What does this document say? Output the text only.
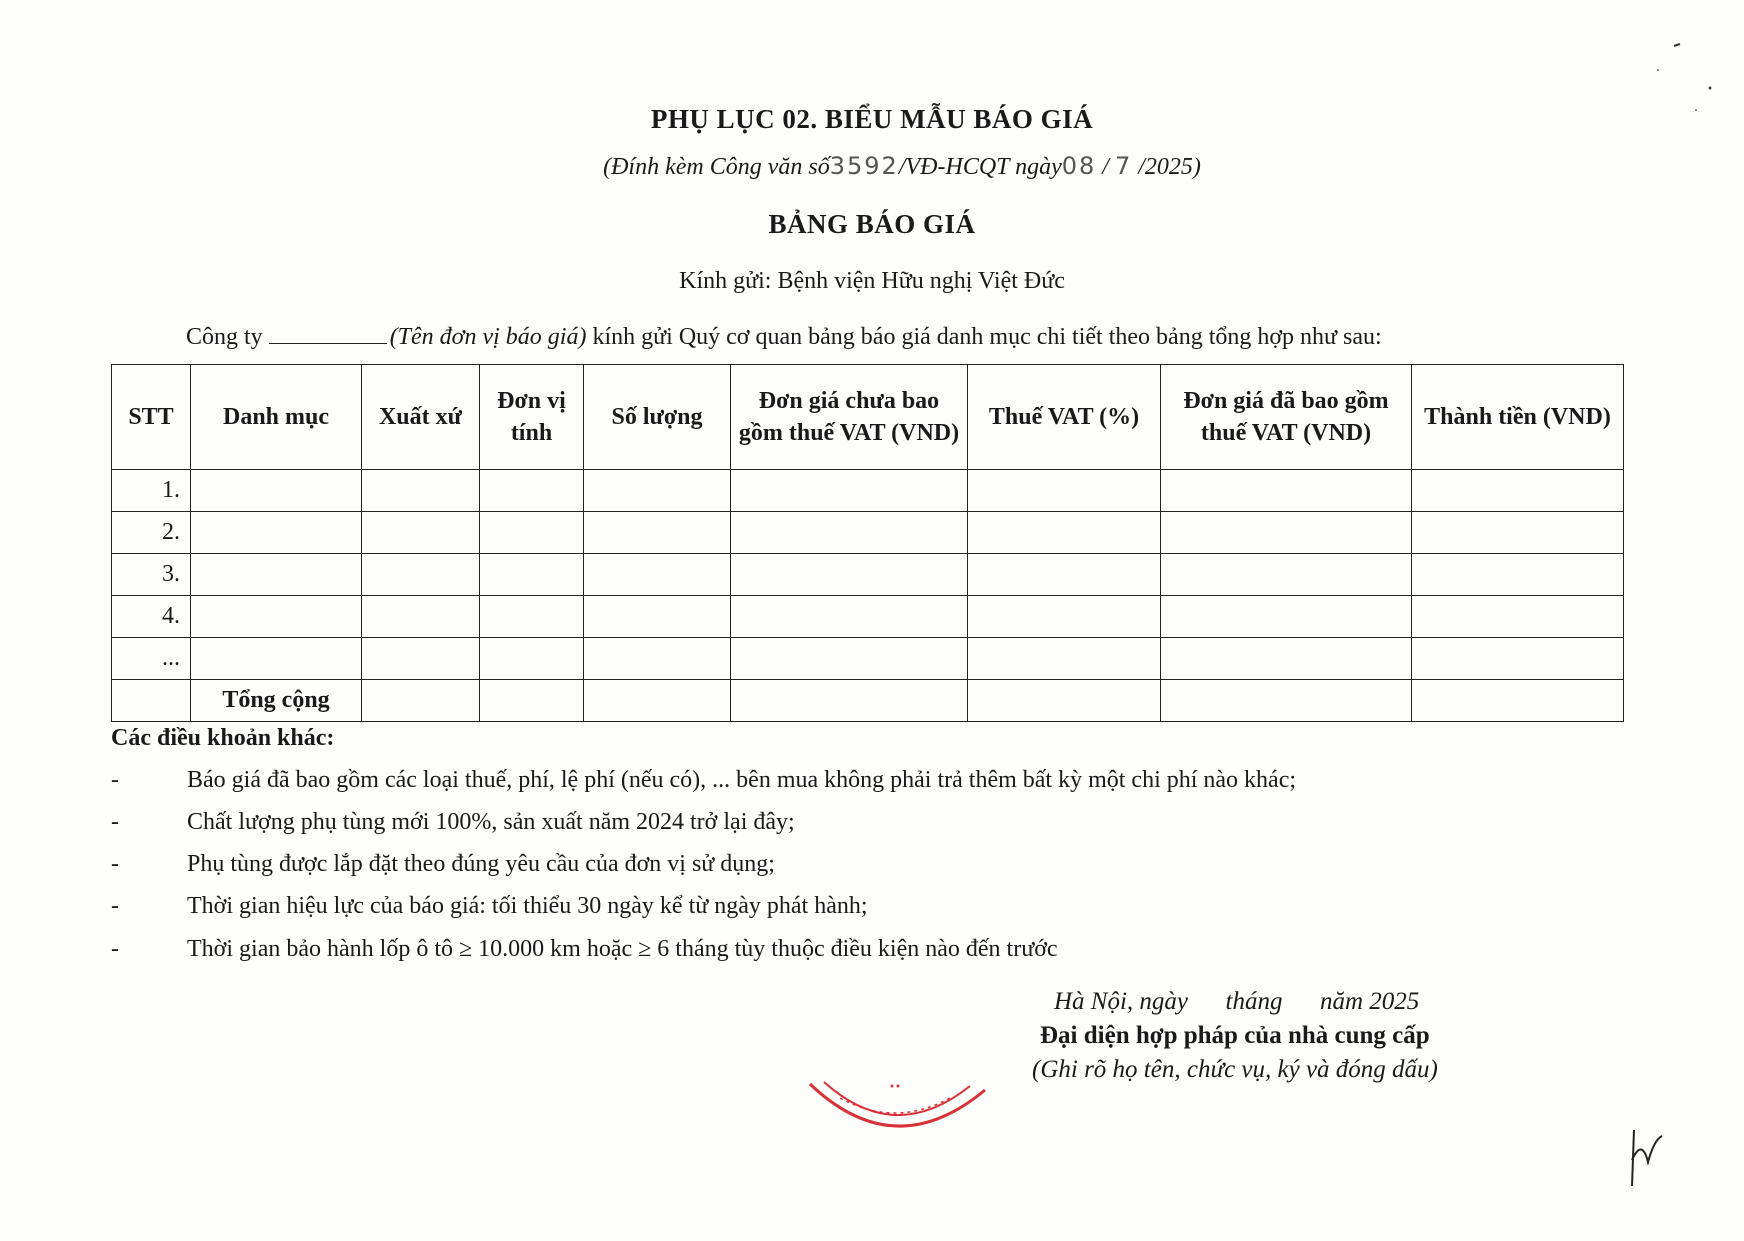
PHỤ LỤC 02. BIỂU MẪU BÁO GIÁ
(Đính kèm Công văn số3592/VĐ-HCQT ngày08 / 7 /2025)
BẢNG BÁO GIÁ
Kính gửi: Bệnh viện Hữu nghị Việt Đức
Công ty	(Tên đơn vị báo giá) kính gửi Quý cơ quan bảng báo giá danh mục chi tiết theo bảng tổng hợp như sau:
STT	Danh mục	Xuất xứ	Đơn vị tính	Số lượng	Đơn giá chưa bao gồm thuế VAT (VND)	Thuế VAT (%)	Đơn giá đã bao gồm thuế VAT (VND)	Thành tiền (VND)
1.								
2.								
3.								
4.								
...								
	Tổng cộng							
Các điều khoản khác:
-	Báo giá đã bao gồm các loại thuế, phí, lệ phí (nếu có), ... bên mua không phải trả thêm bất kỳ một chi phí nào khác;
-	Chất lượng phụ tùng mới 100%, sản xuất năm 2024 trở lại đây;
-	Phụ tùng được lắp đặt theo đúng yêu cầu của đơn vị sử dụng;
-	Thời gian hiệu lực của báo giá: tối thiểu 30 ngày kể từ ngày phát hành;
-	Thời gian bảo hành lốp ô tô ≥ 10.000 km hoặc ≥ 6 tháng tùy thuộc điều kiện nào đến trước
Hà Nội, ngày      tháng      năm 2025
Đại diện hợp pháp của nhà cung cấp
(Ghi rõ họ tên, chức vụ, ký và đóng dấu)
